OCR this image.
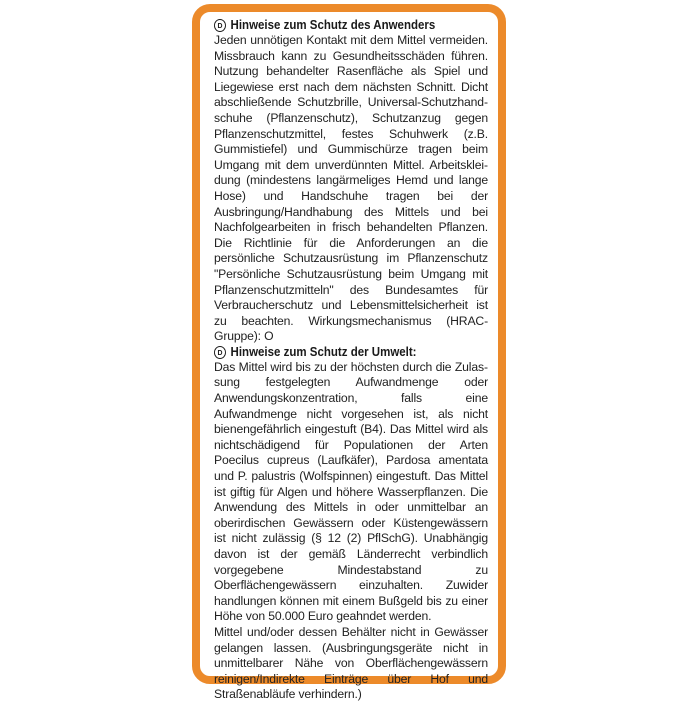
D Hinweise zum Schutz des Anwenders

Jeden unnötigen Kontakt mit dem Mittel vermeiden. Missbrauch kann zu Gesundheitsschäden führen. Nutzung behandelter Rasenfläche als Spiel und Liegewiese erst nach dem nächsten Schnitt. Dicht abschließende Schutzbrille, Universal-Schutzhandschuhe (Pflanzenschutz), Schutzanzug gegen Pflanzenschutzmittel, festes Schuhwerk (z.B. Gummistiefel) und Gummischürze tragen beim Umgang mit dem unverdünnten Mittel. Arbeitskleidung (mindestens langärmeliges Hemd und lange Hose) und Handschuhe tragen bei der Ausbringung/Handhabung des Mittels und bei Nachfolgearbeiten in frisch behandelten Pflanzen. Die Richtlinie für die Anforderungen an die persönliche Schutzausrüstung im Pflanzenschutz "Persönliche Schutzausrüstung beim Umgang mit Pflanzenschutzmitteln" des Bundesamtes für Verbraucherschutz und Lebensmittelsicherheit ist zu beachten. Wirkungsmechanismus (HRAC-Gruppe): O

D Hinweise zum Schutz der Umwelt:

Das Mittel wird bis zu der höchsten durch die Zulassung festgelegten Aufwandmenge oder Anwendungskonzentration, falls eine Aufwandmenge nicht vorgesehen ist, als nicht bienengefährlich eingestuft (B4). Das Mittel wird als nichtschädigend für Populationen der Arten Poecilus cupreus (Laufkäfer), Pardosa amentata und P. palustris (Wolfspinnen) eingestuft. Das Mittel ist giftig für Algen und höhere Wasserpflanzen. Die Anwendung des Mittels in oder unmittelbar an oberirdischen Gewässern oder Küstengewässern ist nicht zulässig (§ 12 (2) PflSchG). Unabhängig davon ist der gemäß Länderrecht verbindlich vorgegebene Mindestabstand zu Oberflächengewässern einzuhalten. Zuwider handlungen können mit einem Bußgeld bis zu einer Höhe von 50.000 Euro geahndet werden.

Mittel und/oder dessen Behälter nicht in Gewässer gelangen lassen. (Ausbringungsgeräte nicht in unmittelbarer Nähe von Oberflächengewässern reinigen/Indirekte Einträge über Hof und Straßenabläufe verhindern.)
